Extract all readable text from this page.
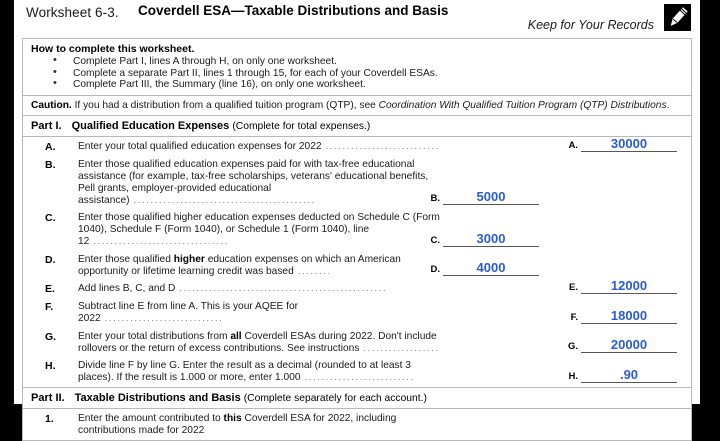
Worksheet 6-3. Coverdell ESA—Taxable Distributions and Basis
Keep for Your Records
How to complete this worksheet.
• Complete Part I, lines A through H, on only one worksheet.
• Complete a separate Part II, lines 1 through 15, for each of your Coverdell ESAs.
• Complete Part III, the Summary (line 16), on only one worksheet.
Caution. If you had a distribution from a qualified tuition program (QTP), see Coordination With Qualified Tuition Program (QTP) Distributions.
Part I. Qualified Education Expenses (Complete for total expenses.)
A.	Enter your total qualified education expenses for 2022 ...........................	A.	30000
B.	Enter those qualified education expenses paid for with tax-free educational assistance (for example, tax-free scholarships, veterans' educational benefits, Pell grants, employer-provided educational assistance) ...........................................	B.	5000
C.	Enter those qualified higher education expenses deducted on Schedule C (Form 1040), Schedule F (Form 1040), or Schedule 1 (Form 1040), line 12 ................................	C.	3000
D.	Enter those qualified higher education expenses on which an American opportunity or lifetime learning credit was based ........	D.	4000
E.	Add lines B, C, and D .................................................	E.	12000
F.	Subtract line E from line A. This is your AQEE for 2022 ............................	F.	18000
G.	Enter your total distributions from all Coverdell ESAs during 2022. Don't include rollovers or the return of excess contributions. See instructions ..................	G.	20000
H.	Divide line F by line G. Enter the result as a decimal (rounded to at least 3 places). If the result is 1.000 or more, enter 1.000 ..........................	H.	.90
Part II. Taxable Distributions and Basis (Complete separately for each account.)
1.	Enter the amount contributed to this Coverdell ESA for 2022, including contributions made for 2022
